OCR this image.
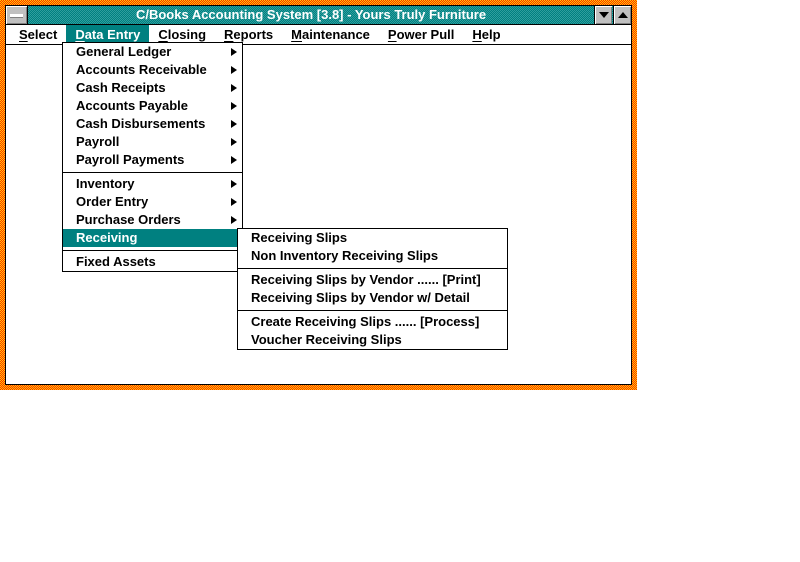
C/Books Accounting System [3.8] - Yours Truly Furniture
Select	Data Entry	Closing	Reports	Maintenance	Power Pull	Help
General Ledger
Accounts Receivable
Cash Receipts
Accounts Payable
Cash Disbursements
Payroll
Payroll Payments
Inventory
Order Entry
Purchase Orders
Receiving
Fixed Assets
Receiving Slips
Non Inventory Receiving Slips
Receiving Slips by Vendor ...... [Print]
Receiving Slips by Vendor w/ Detail
Create Receiving Slips ...... [Process]
Voucher Receiving Slips
